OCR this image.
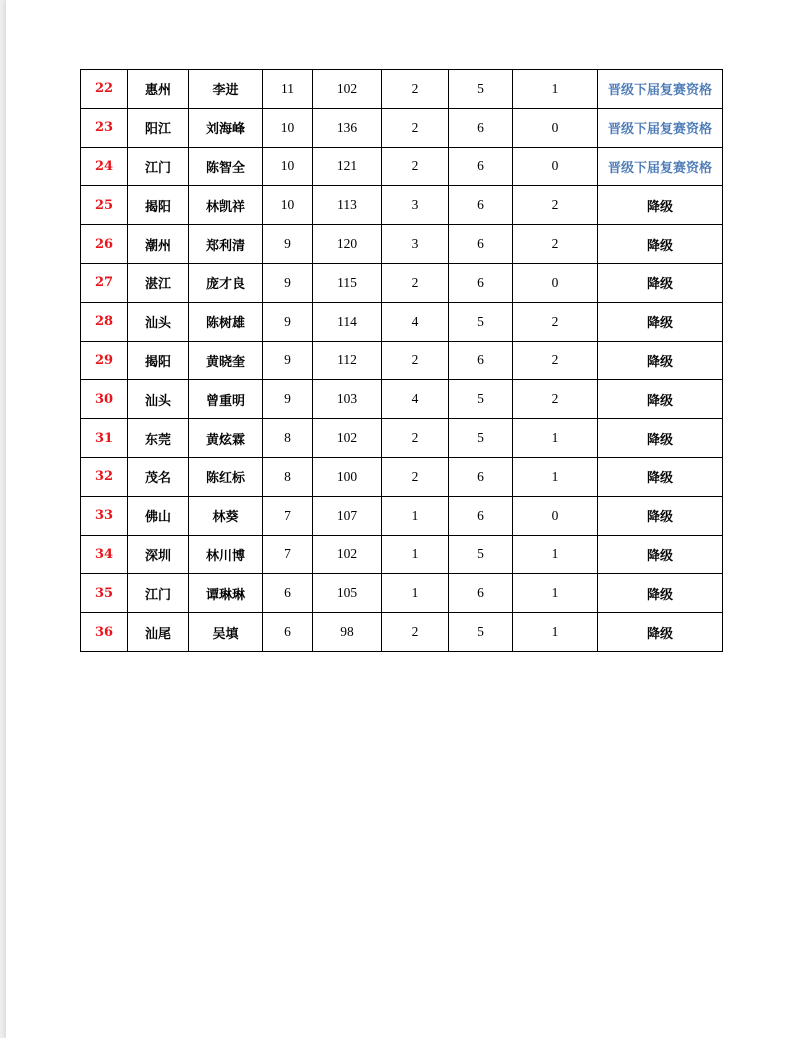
22	惠州	李进	11	102	2	5	1	晋级下届复赛资格
23	阳江	刘海峰	10	136	2	6	0	晋级下届复赛资格
24	江门	陈智全	10	121	2	6	0	晋级下届复赛资格
25	揭阳	林凯祥	10	113	3	6	2	降级
26	潮州	郑利清	9	120	3	6	2	降级
27	湛江	庞才良	9	115	2	6	0	降级
28	汕头	陈树雄	9	114	4	5	2	降级
29	揭阳	黄晓奎	9	112	2	6	2	降级
30	汕头	曾重明	9	103	4	5	2	降级
31	东莞	黄炫霖	8	102	2	5	1	降级
32	茂名	陈红标	8	100	2	6	1	降级
33	佛山	林葵	7	107	1	6	0	降级
34	深圳	林川博	7	102	1	5	1	降级
35	江门	谭琳琳	6	105	1	6	1	降级
36	汕尾	吴填	6	98	2	5	1	降级
